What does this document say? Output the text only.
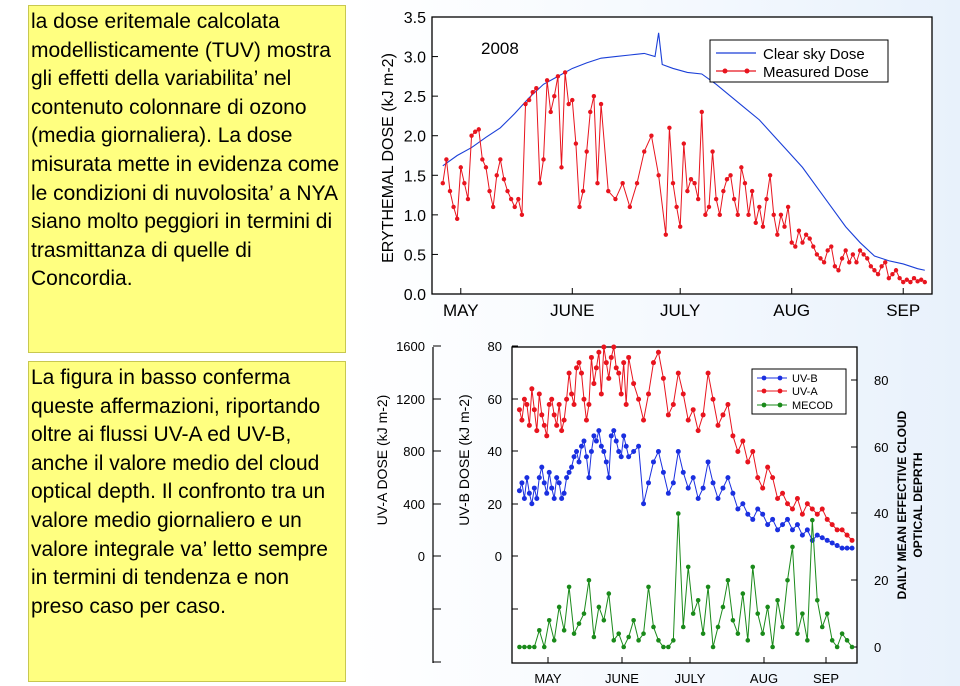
la dose eritemale calcolata modellisticamente (TUV) mostra gli effetti della variabilita’ nel contenuto colonnare di ozono (media giornaliera). La dose misurata mette in evidenza come le condizioni di nuvolosita’ a NYA siano molto peggiori in termini di trasmittanza di quelle di Concordia.
La figura in basso conferma queste affermazioni, riportando oltre ai flussi UV-A ed UV-B, anche il valore medio del cloud optical depth. Il confronto tra un valore medio giornaliero e un valore integrale va’ letto sempre in termini di tendenza e non preso caso per caso.
0.0
0.5
1.0
1.5
2.0
2.5
3.0
3.5
MAY	JUNE	JULY	AUG	SEP
ERYTHEMAL DOSE (kJ m-2)
2008	Clear sky Dose
Measured Dose
1600
1200
800
400
0
80
60
40
20
0
80
60
40
20
0
UV-A DOSE (kJ m-2)	UV-B DOSE (kJ m-2)	DAILY MEAN EFFECTIVE CLOUD OPTICAL DEPRTH
MAY	JUNE	JULY	AUG	SEP
UV-B
UV-A
MECOD
